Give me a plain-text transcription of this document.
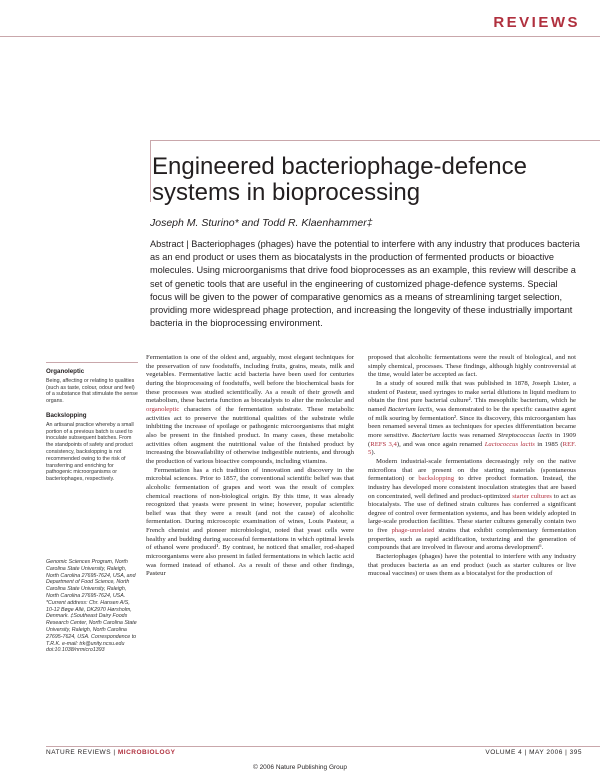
REVIEWS
Engineered bacteriophage-defence systems in bioprocessing
Joseph M. Sturino* and Todd R. Klaenhammer‡

Abstract | Bacteriophages (phages) have the potential to interfere with any industry that produces bacteria as an end product or uses them as biocatalysts in the production of fermented products or bioactive molecules. Using microorganisms that drive food bioprocesses as an example, this review will describe a set of genetic tools that are useful in the engineering of customized phage-defence systems. Special focus will be given to the power of comparative genomics as a means of streamlining target selection, providing more widespread phage protection, and increasing the longevity of these industrially important bacteria in the bioprocessing environment.

Organoleptic
Being, affecting or relating to qualities (such as taste, colour, odour and feel) of a substance that stimulate the sense organs.
Backslopping
An artisanal practice whereby a small portion of a previous batch is used to inoculate subsequent batches. From the standpoints of safety and product consistency, backslopping is not recommended owing to the risk of transferring and enriching for pathogenic microorganisms or bacteriophages, respectively.
Genomic Sciences Program, North Carolina State University, Raleigh, North Carolina 27695-7624, USA, and Department of Food Science, North Carolina State University, Raleigh, North Carolina 27695-7624, USA. *Current address: Chr. Hansen A/S, 10-12 Bøge Allé, DK2970 Hørsholm, Denmark. ‡Southeast Dairy Foods Research Center, North Carolina State University, Raleigh, North Carolina 27695-7624, USA. Correspondence to T.R.K. e-mail: trk@unity.ncsu.edu doi:10.1038/nrmicro1393

Fermentation is one of the oldest and, arguably, most elegant techniques for the preservation of raw foodstuffs, including fruits, grains, meats, milk and vegetables. Fermentative lactic acid bacteria have been used for centuries during the bioprocessing of foodstuffs, well before the biochemical basis for these processes was studied scientifically. As a result of their growth and metabolism, these bacteria function as biocatalysts to alter the molecular and organoleptic characters of the fermentation substrate. These metabolic activities act to preserve the nutritional qualities of the substrate while inhibiting the increase of spoilage or pathogenic microorganisms that might also be present in the finished product. In many cases, these metabolic activities often augment the nutritional value of the finished product by increasing the bioavailability of otherwise indigestible nutrients, and through the production of various bioactive compounds, including vitamins.

Fermentation has a rich tradition of innovation and discovery in the microbial sciences. Prior to 1857, the conventional scientific belief was that alcoholic fermentation of grapes and wort was the result of complex chemical reactions of non-biological origin. By this time, it was already recognized that yeasts were present in wine; however, popular scientific belief was that they were a result (and not the cause) of alcoholic fermentation. During microscopic examination of wines, Louis Pasteur, a French chemist and pioneer microbiologist, noted that yeast cells were healthy and budding during successful fermentations in which optimal levels of ethanol were produced¹. By contrast, he noticed that smaller, rod-shaped microorganisms were also present in failed fermentations in which lactic acid was formed instead of ethanol. As a result of these and other findings, Pasteur

proposed that alcoholic fermentations were the result of biological, and not simply chemical, processes. These findings, although highly controversial at the time, would later be accepted as fact.

In a study of soured milk that was published in 1878, Joseph Lister, a student of Pasteur, used syringes to make serial dilutions in liquid medium to obtain the first pure bacterial culture². This mesophilic bacterium, which he named Bacterium lactis, was demonstrated to be the specific causative agent of milk souring by fermentation². Since its discovery, this microorganism has been renamed several times as techniques for species differentiation became more sensitive. Bacterium lactis was renamed Streptococcus lactis in 1909 (REFS 3,4), and was once again renamed Lactococcus lactis in 1985 (REF. 5).

Modern industrial-scale fermentations decreasingly rely on the native microflora that are present on the starting materials (spontaneous fermentation) or backslopping to drive product formation. Instead, the industry has developed more consistent inoculation strategies that are based on concentrated, well defined and product-optimized starter cultures to act as biocatalysts. The use of defined strain cultures has conferred a significant degree of control over fermentation systems, and has been widely adopted in large-scale production facilities. These starter cultures generally contain two to five phage-unrelated strains that exhibit complementary fermentation properties, such as rapid acidification, texturizing and the generation of compounds that are involved in flavour and aroma development⁶.

Bacteriophages (phages) have the potential to interfere with any industry that produces bacteria as an end product (such as starter cultures or live mucosal vaccines) or uses them as a biocatalyst for the production of

NATURE REVIEWS | MICROBIOLOGY	VOLUME 4 | MAY 2006 | 395
© 2006 Nature Publishing Group
